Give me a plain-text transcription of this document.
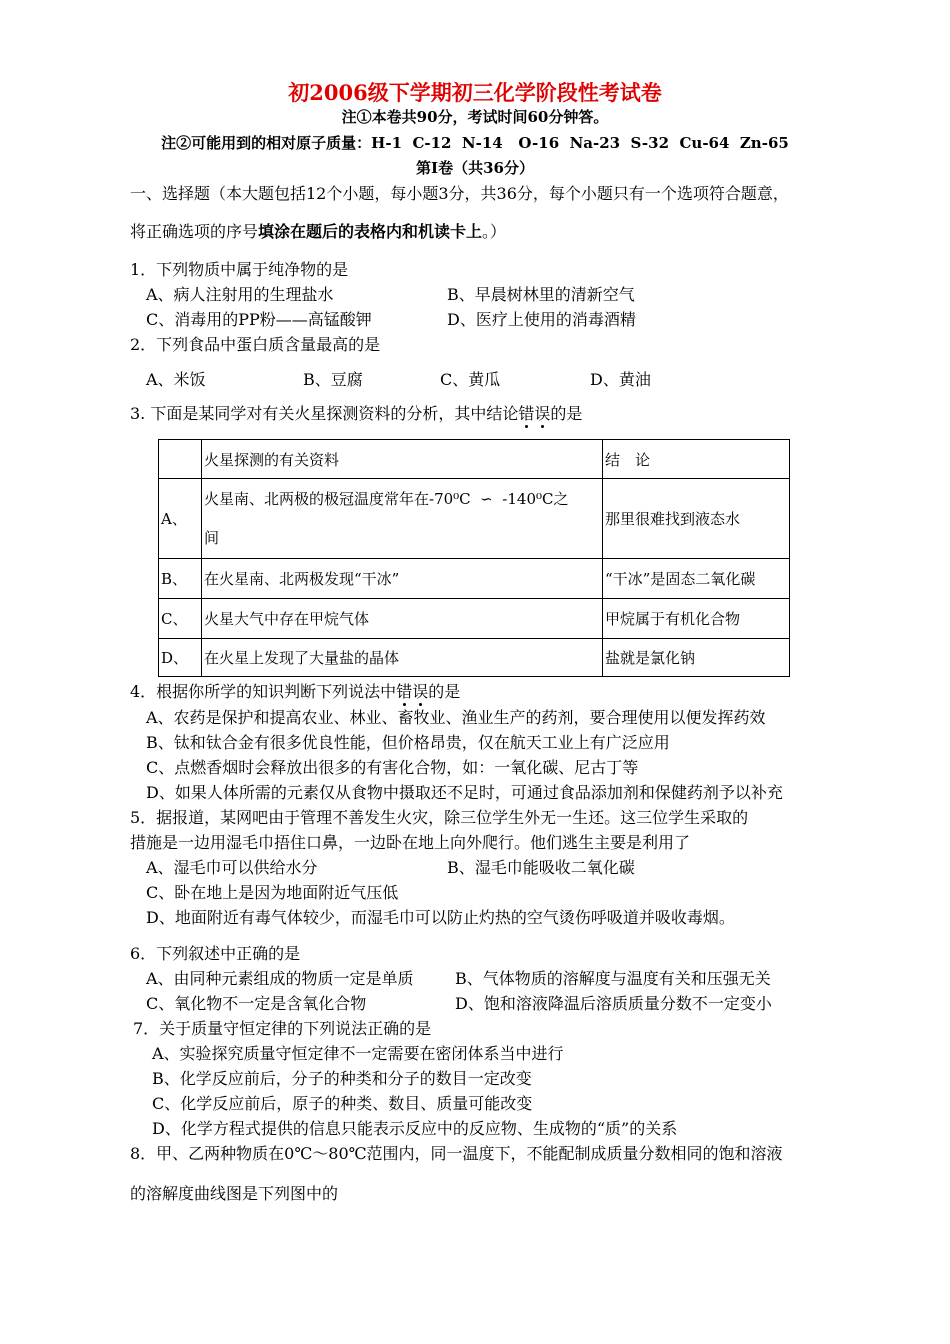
初2006级下学期初三化学阶段性考试卷
注①本卷共90分，考试时间60分钟答。
注②可能用到的相对原子质量：H-1  C-12  N-14   O-16  Na-23  S-32  Cu-64  Zn-65
第Ⅰ卷（共36分）
一、选择题（本大题包括12个小题，每小题3分，共36分，每个小题只有一个选项符合题意，
将正确选项的序号填涂在题后的表格内和机读卡上。）
1．下列物质中属于纯净物的是
A、病人注射用的生理盐水	B、早晨树林里的清新空气
C、消毒用的PP粉——高锰酸钾	D、医疗上使用的消毒酒精
2．下列食品中蛋白质含量最高的是
A、米饭	B、豆腐	C、黄瓜	D、黄油
3. 下面是某同学对有关火星探测资料的分析，其中结论错误的是
	火星探测的有关资料	结　论
A、	火星南、北两极的极冠温度常年在-70⁰C  ∽  -140⁰C之
间	那里很难找到液态水
B、	在火星南、北两极发现“干冰”	“干冰”是固态二氧化碳
C、	火星大气中存在甲烷气体	甲烷属于有机化合物
D、	在火星上发现了大量盐的晶体	盐就是氯化钠
4．根据你所学的知识判断下列说法中错误的是
A、农药是保护和提高农业、林业、畜牧业、渔业生产的药剂，要合理使用以便发挥药效
B、钛和钛合金有很多优良性能，但价格昂贵，仅在航天工业上有广泛应用
C、点燃香烟时会释放出很多的有害化合物，如：一氧化碳、尼古丁等
D、如果人体所需的元素仅从食物中摄取还不足时，可通过食品添加剂和保健药剂予以补充
5．据报道，某网吧由于管理不善发生火灾，除三位学生外无一生还。这三位学生采取的
措施是一边用湿毛巾捂住口鼻，一边卧在地上向外爬行。他们逃生主要是利用了
A、湿毛巾可以供给水分	B、湿毛巾能吸收二氧化碳
C、卧在地上是因为地面附近气压低
D、地面附近有毒气体较少，而湿毛巾可以防止灼热的空气烫伤呼吸道并吸收毒烟。
6．下列叙述中正确的是
A、由同种元素组成的物质一定是单质	B、气体物质的溶解度与温度有关和压强无关
C、氧化物不一定是含氧化合物	D、饱和溶液降温后溶质质量分数不一定变小
7．关于质量守恒定律的下列说法正确的是
A、实验探究质量守恒定律不一定需要在密闭体系当中进行
B、化学反应前后，分子的种类和分子的数目一定改变
C、化学反应前后，原子的种类、数目、质量可能改变
D、化学方程式提供的信息只能表示反应中的反应物、生成物的“质”的关系
8．甲、乙两种物质在0℃～80℃范围内，同一温度下，不能配制成质量分数相同的饱和溶液
的溶解度曲线图是下列图中的
